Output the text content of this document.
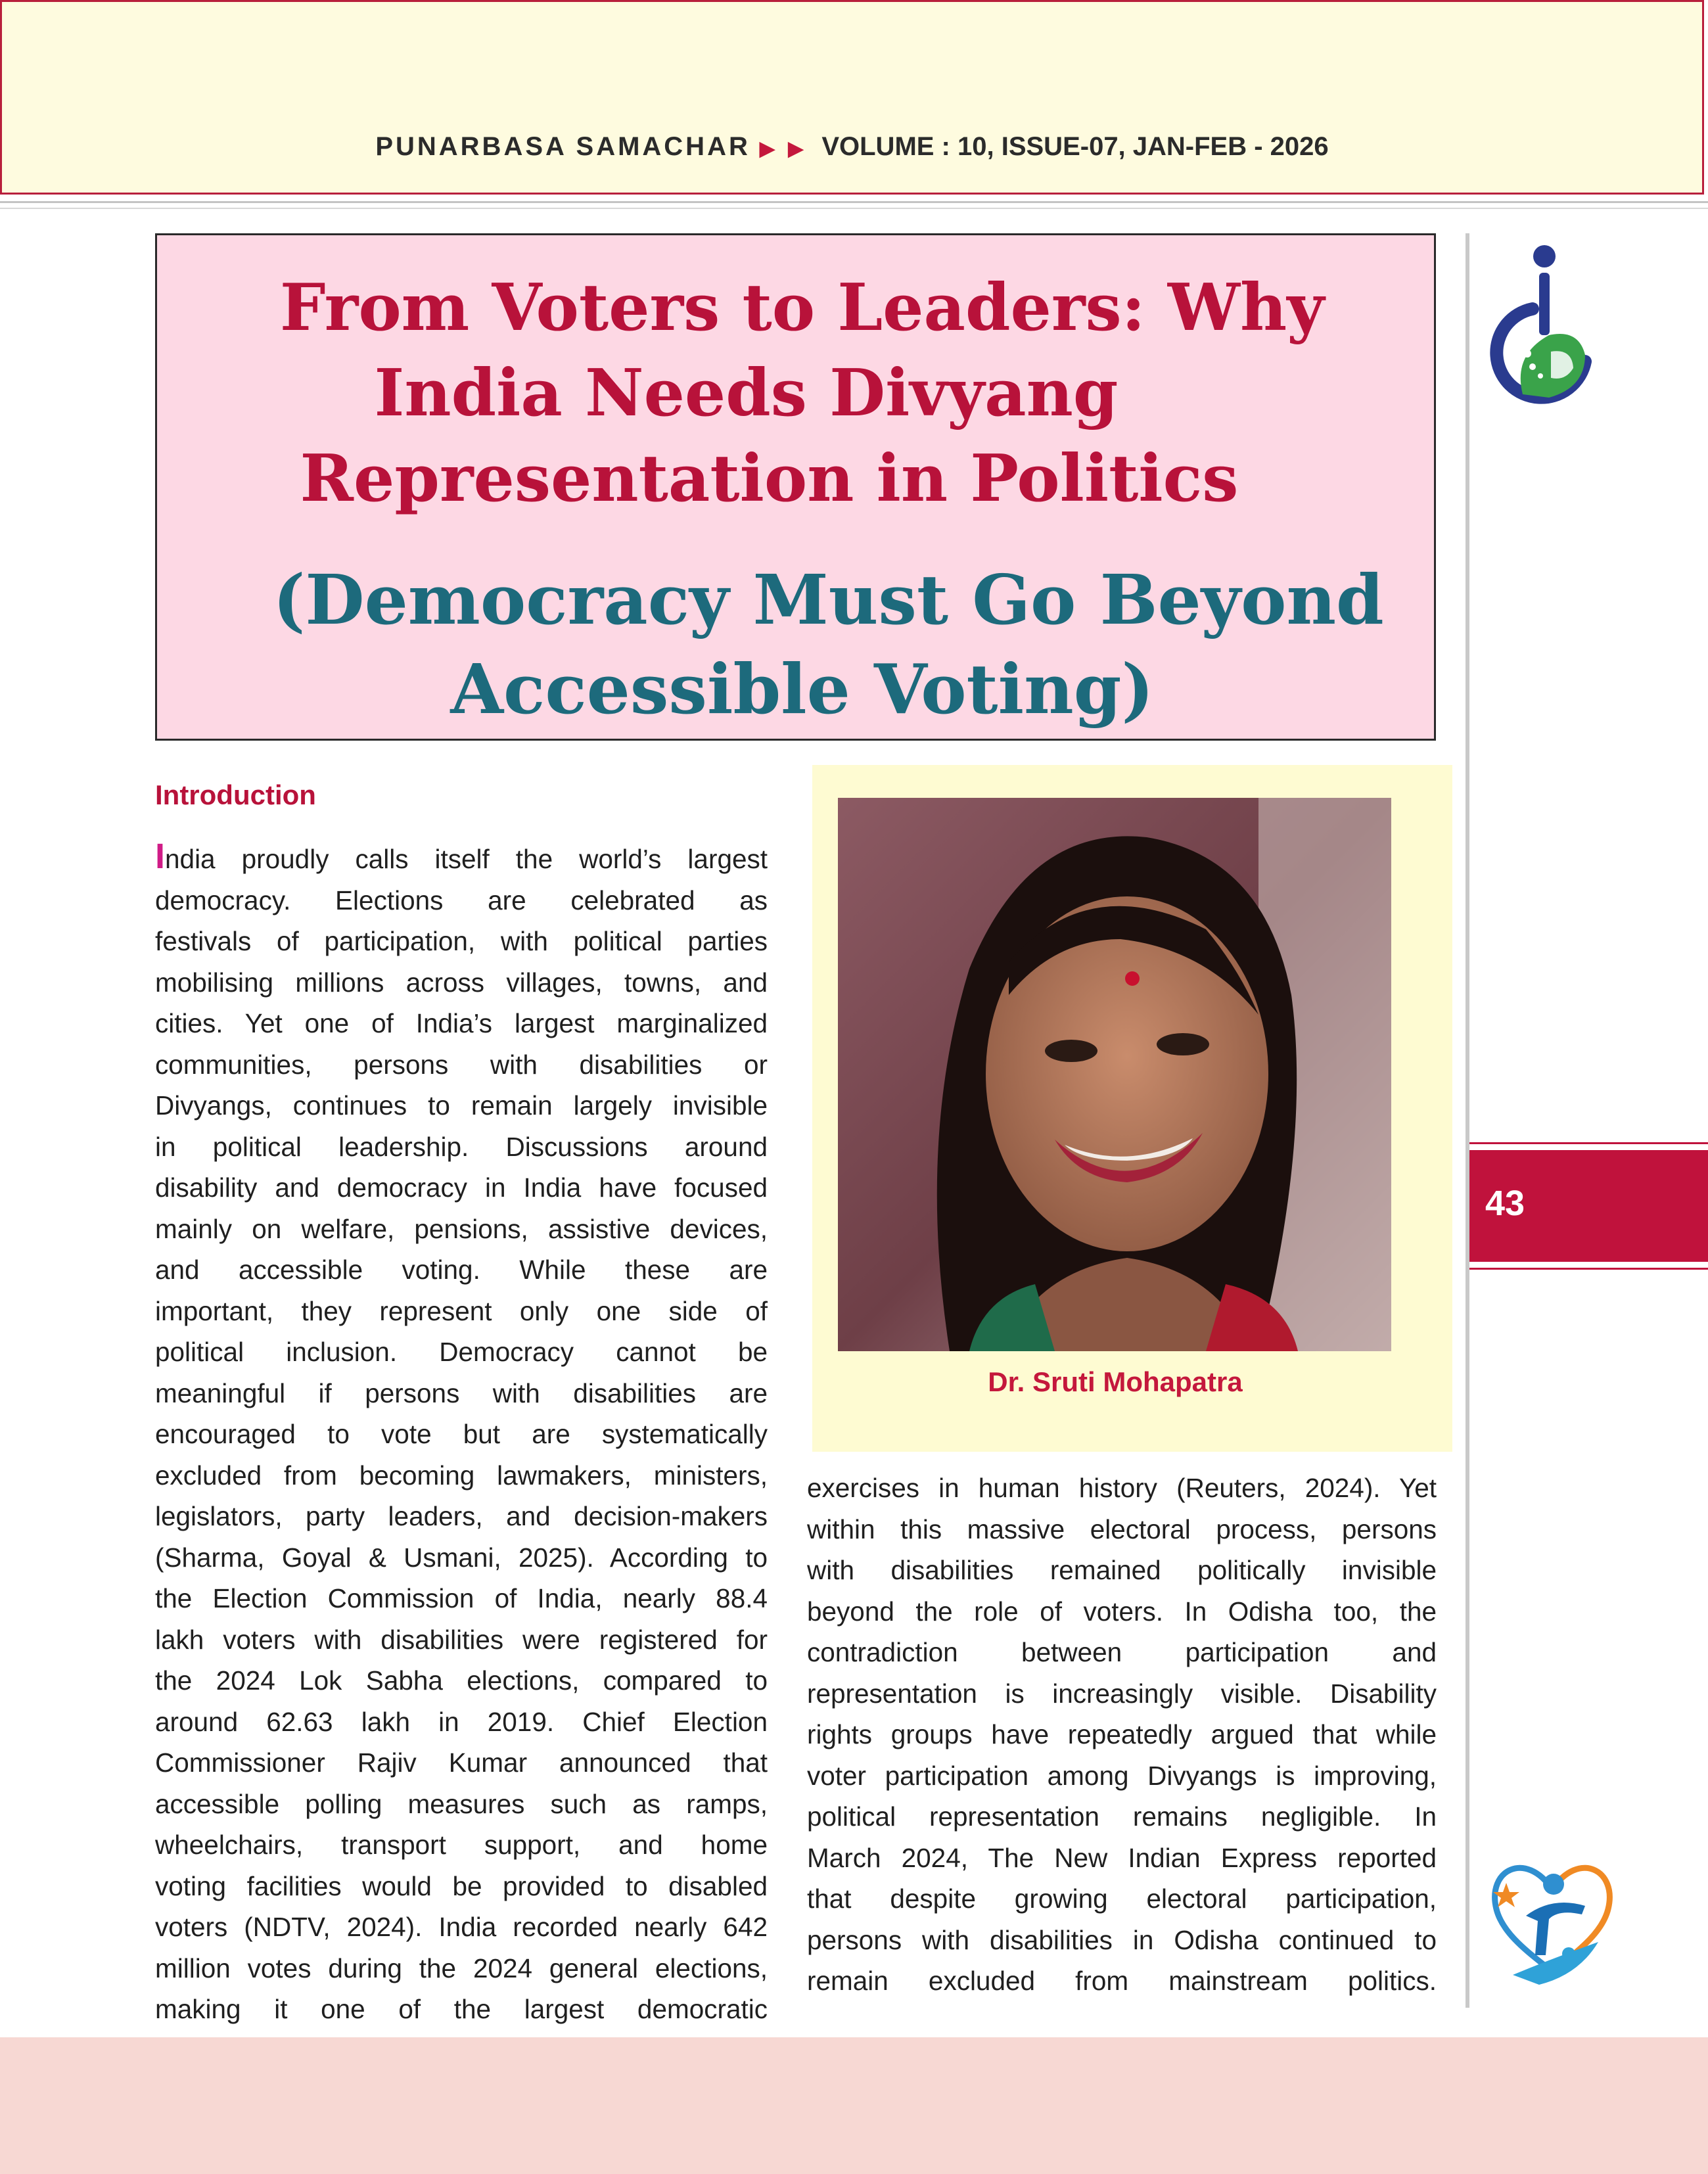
PUNARBASA SAMACHAR ▶ ▶ VOLUME : 10, ISSUE-07, JAN-FEB - 2026
43
From Voters to Leaders: Why
India Needs Divyang
Representation in Politics
(Democracy Must Go Beyond
Accessible Voting)
Introduction
India proudly calls itself the world’s largest
democracy. Elections are celebrated as
festivals of participation, with political parties
mobilising millions across villages, towns, and
cities. Yet one of India’s largest marginalized
communities, persons with disabilities or
Divyangs, continues to remain largely invisible
in political leadership. Discussions around
disability and democracy in India have focused
mainly on welfare, pensions, assistive devices,
and accessible voting. While these are
important, they represent only one side of
political inclusion. Democracy cannot be
meaningful if persons with disabilities are
encouraged to vote but are systematically
excluded from becoming lawmakers, ministers,
legislators, party leaders, and decision-makers
(Sharma, Goyal & Usmani, 2025). According to
the Election Commission of India, nearly 88.4
lakh voters with disabilities were registered for
the 2024 Lok Sabha elections, compared to
around 62.63 lakh in 2019. Chief Election
Commissioner Rajiv Kumar announced that
accessible polling measures such as ramps,
wheelchairs, transport support, and home
voting facilities would be provided to disabled
voters (NDTV, 2024). India recorded nearly 642
million votes during the 2024 general elections,
making it one of the largest democratic
Dr. Sruti Mohapatra
exercises in human history (Reuters, 2024). Yet
within this massive electoral process, persons
with disabilities remained politically invisible
beyond the role of voters. In Odisha too, the
contradiction between participation and
representation is increasingly visible. Disability
rights groups have repeatedly argued that while
voter participation among Divyangs is improving,
political representation remains negligible. In
March 2024, The New Indian Express reported
that despite growing electoral participation,
persons with disabilities in Odisha continued to
remain excluded from mainstream politics.
